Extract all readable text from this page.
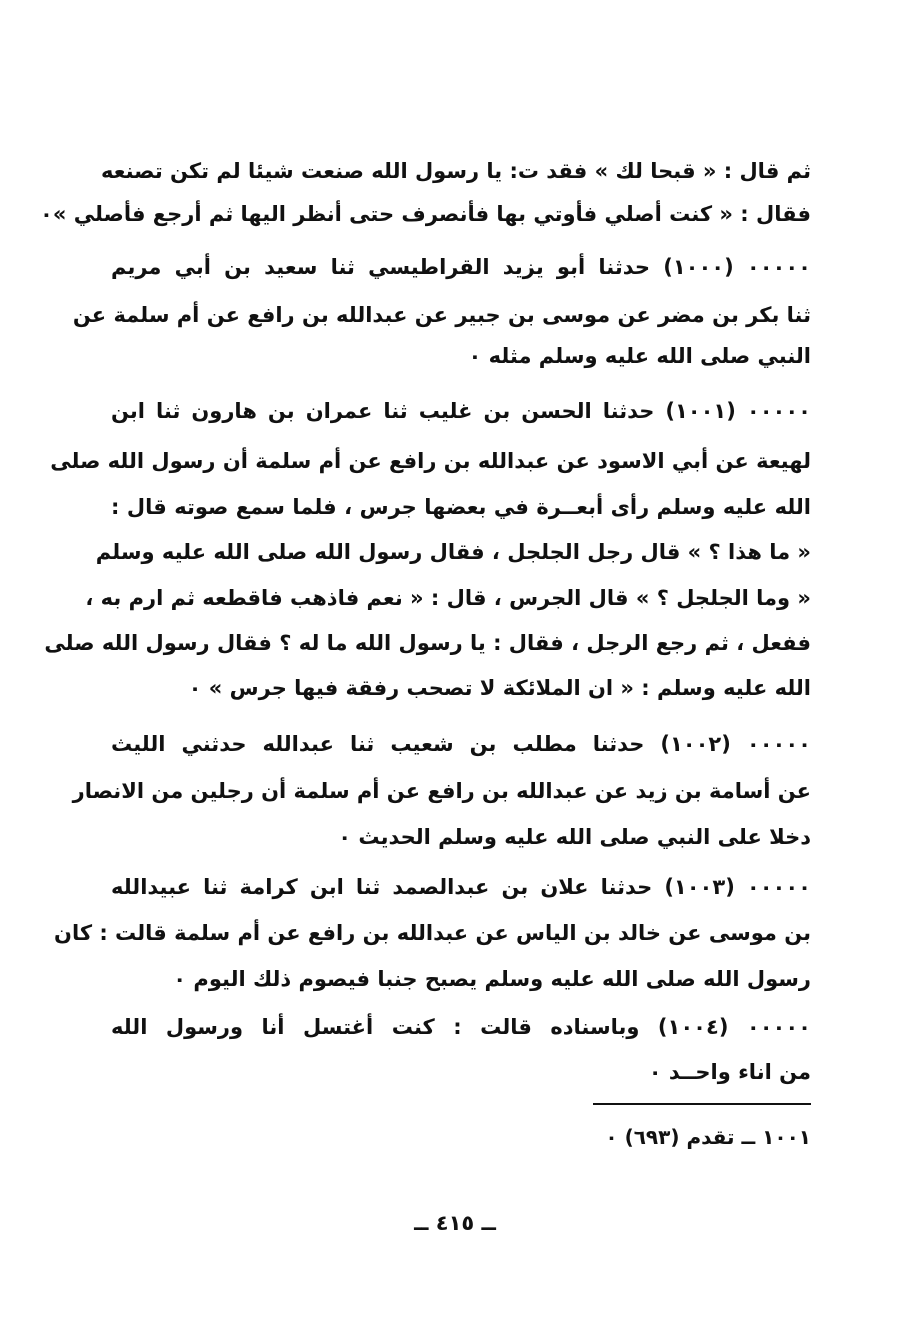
ثم قال : « قبحا لك » فقد ت: يا رسول الله صنعت شيئا لم تكن تصنعه
فقال : « كنت أصلي فأوتي بها فأنصرف حتى أنظر اليها ثم أرجع فأصلي »٠
٠٠٠٠٠ (١٠٠٠) حدثنا أبو يزيد القراطيسي ثنا سعيد بن أبي مريم
ثنا بكر بن مضر عن موسى بن جبير عن عبدالله بن رافع عن أم سلمة عن
النبي صلى الله عليه وسلم مثله ٠
٠٠٠٠٠ (١٠٠١) حدثنا الحسن بن غليب ثنا عمران بن هارون ثنا ابن
لهيعة عن أبي الاسود عن عبدالله بن رافع عن أم سلمة أن رسول الله صلى
الله عليه وسلم رأى أبعــرة في بعضها جرس ، فلما سمع صوته قال :
« ما هذا ؟ » قال رجل الجلجل ، فقال رسول الله صلى الله عليه وسلم
« وما الجلجل ؟ » قال الجرس ، قال : « نعم فاذهب فاقطعه ثم ارم به ،
ففعل ، ثم رجع الرجل ، فقال : يا رسول الله ما له ؟ فقال رسول الله صلى
الله عليه وسلم : « ان الملائكة لا تصحب رفقة فيها جرس » ٠
٠٠٠٠٠ (١٠٠٢) حدثنا مطلب بن شعيب ثنا عبدالله حدثني الليث
عن أسامة بن زيد عن عبدالله بن رافع عن أم سلمة أن رجلين من الانصار
دخلا على النبي صلى الله عليه وسلم الحديث ٠
٠٠٠٠٠ (١٠٠٣) حدثنا علان بن عبدالصمد ثنا ابن كرامة ثنا عبيدالله
بن موسى عن خالد بن الياس عن عبدالله بن رافع عن أم سلمة قالت : كان
رسول الله صلى الله عليه وسلم يصبح جنبا فيصوم ذلك اليوم ٠
٠٠٠٠٠ (١٠٠٤) وباسناده قالت : كنت أغتسل أنا ورسول الله
من اناء واحــد ٠
١٠٠١ ــ تقدم (٦٩٣) ٠
ــ ٤١٥ ــ
